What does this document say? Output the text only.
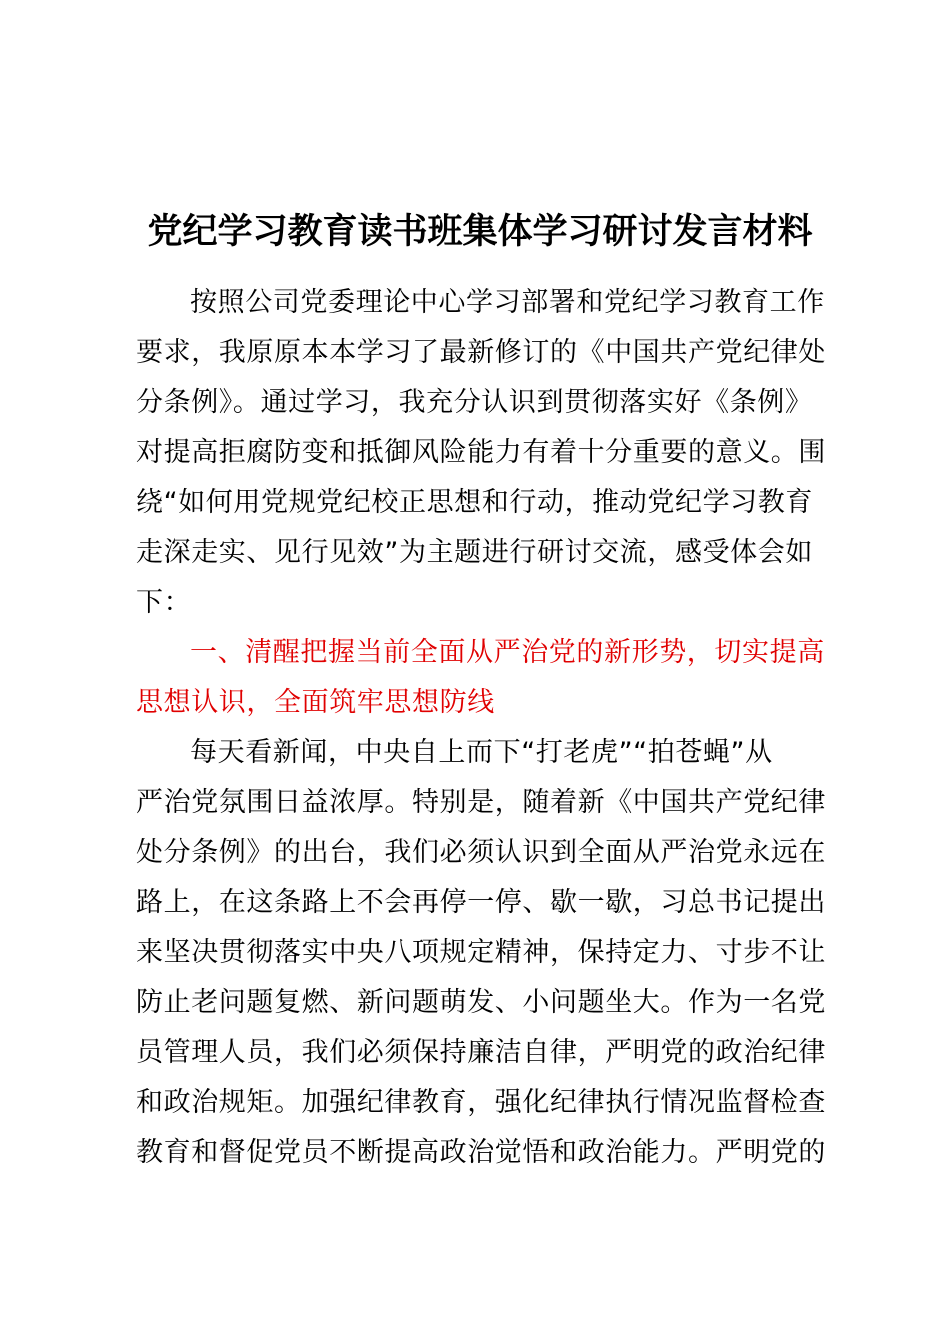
党纪学习教育读书班集体学习研讨发言材料

按照公司党委理论中心学习部署和党纪学习教育工作
要求，我原原本本学习了最新修订的《中国共产党纪律处
分条例》。通过学习，我充分认识到贯彻落实好《条例》
对提高拒腐防变和抵御风险能力有着十分重要的意义。围
绕“如何用党规党纪校正思想和行动，推动党纪学习教育
走深走实、见行见效”为主题进行研讨交流，感受体会如
下：

一、清醒把握当前全面从严治党的新形势，切实提高
思想认识，全面筑牢思想防线

每天看新闻，中央自上而下“打老虎”“拍苍蝇”从
严治党氛围日益浓厚。特别是，随着新《中国共产党纪律
处分条例》的出台，我们必须认识到全面从严治党永远在
路上，在这条路上不会再停一停、歇一歇，习总书记提出
来坚决贯彻落实中央八项规定精神，保持定力、寸步不让
防止老问题复燃、新问题萌发、小问题坐大。作为一名党
员管理人员，我们必须保持廉洁自律，严明党的政治纪律
和政治规矩。加强纪律教育，强化纪律执行情况监督检查
教育和督促党员不断提高政治觉悟和政治能力。严明党的
